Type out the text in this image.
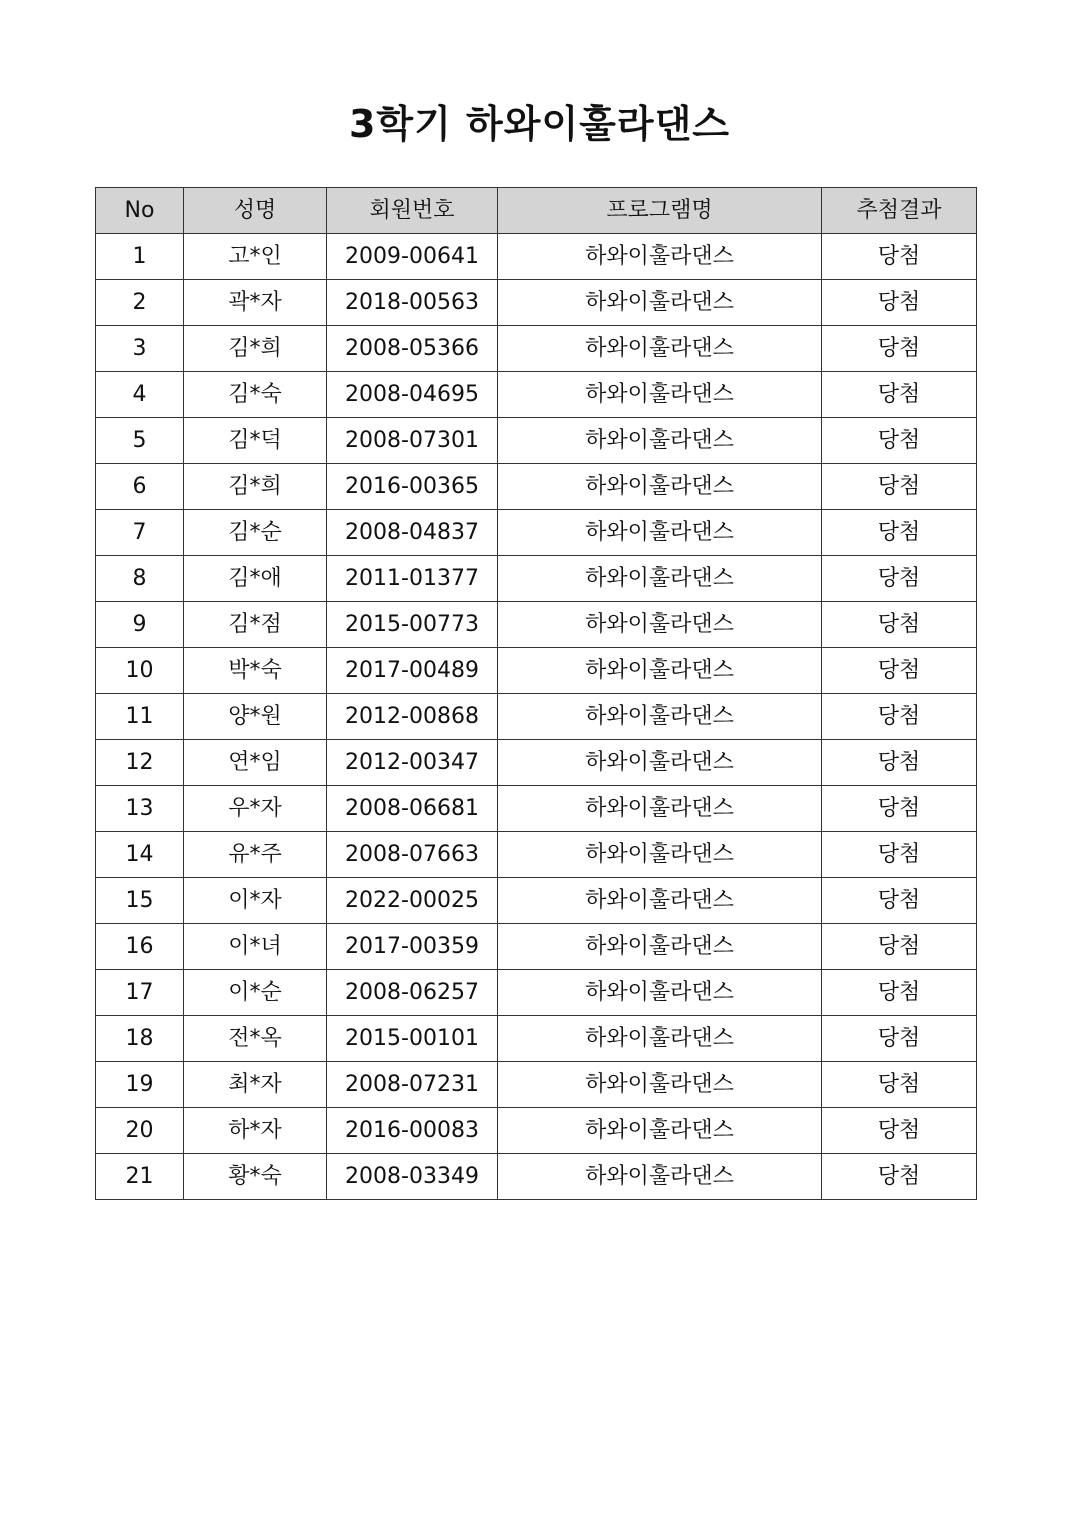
3학기 하와이훌라댄스
No	성명	회원번호	프로그램명	추첨결과
1	고*인	2009-00641	하와이훌라댄스	당첨
2	곽*자	2018-00563	하와이훌라댄스	당첨
3	김*희	2008-05366	하와이훌라댄스	당첨
4	김*숙	2008-04695	하와이훌라댄스	당첨
5	김*덕	2008-07301	하와이훌라댄스	당첨
6	김*희	2016-00365	하와이훌라댄스	당첨
7	김*순	2008-04837	하와이훌라댄스	당첨
8	김*애	2011-01377	하와이훌라댄스	당첨
9	김*점	2015-00773	하와이훌라댄스	당첨
10	박*숙	2017-00489	하와이훌라댄스	당첨
11	양*원	2012-00868	하와이훌라댄스	당첨
12	연*임	2012-00347	하와이훌라댄스	당첨
13	우*자	2008-06681	하와이훌라댄스	당첨
14	유*주	2008-07663	하와이훌라댄스	당첨
15	이*자	2022-00025	하와이훌라댄스	당첨
16	이*녀	2017-00359	하와이훌라댄스	당첨
17	이*순	2008-06257	하와이훌라댄스	당첨
18	전*옥	2015-00101	하와이훌라댄스	당첨
19	최*자	2008-07231	하와이훌라댄스	당첨
20	하*자	2016-00083	하와이훌라댄스	당첨
21	황*숙	2008-03349	하와이훌라댄스	당첨
